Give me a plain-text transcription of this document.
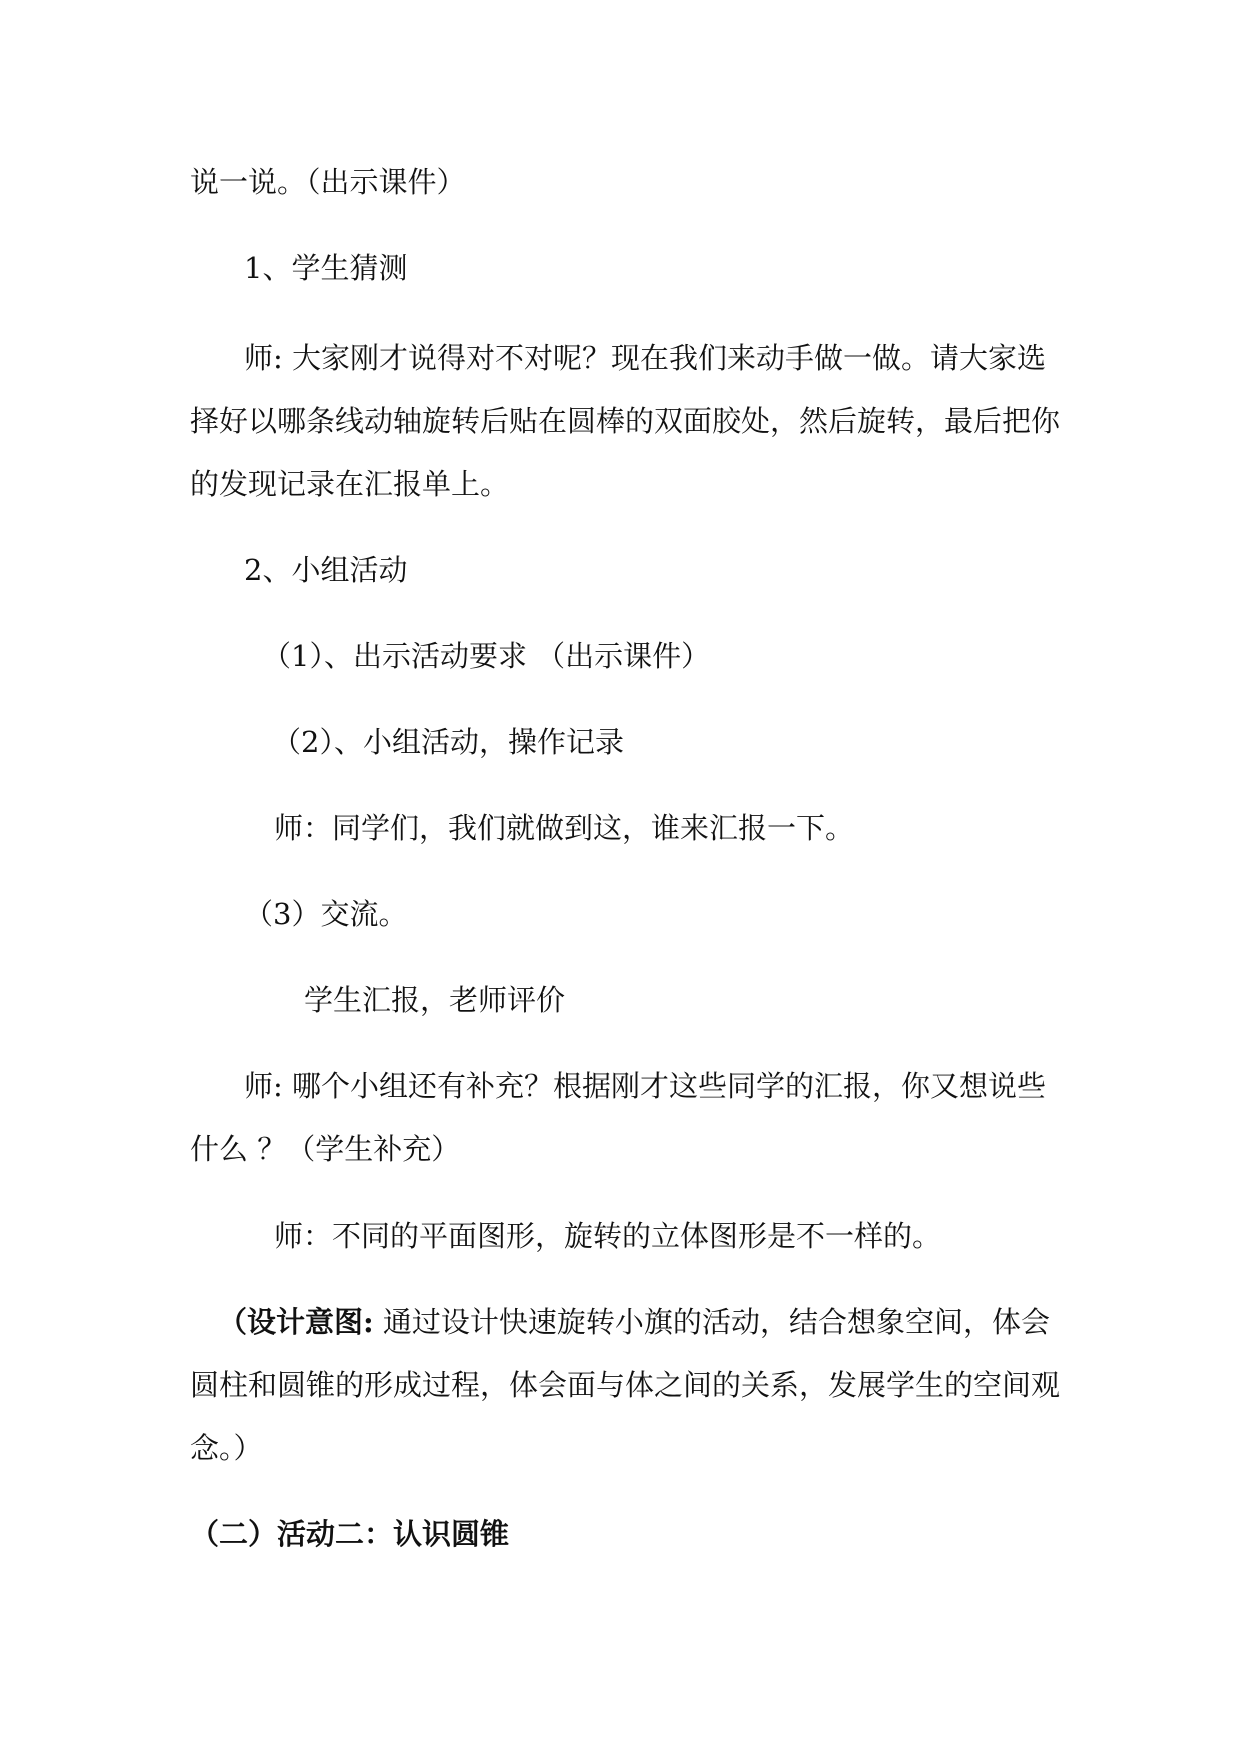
说一说。（出示课件）
1、学生猜测
师: 大家刚才说得对不对呢？现在我们来动手做一做。请大家选
择好以哪条线动轴旋转后贴在圆棒的双面胶处，然后旋转，最后把你
的发现记录在汇报单上。
2、小组活动
（1）、出示活动要求 （出示课件）
（2）、小组活动，操作记录
师：同学们，我们就做到这，谁来汇报一下。
（3）交流。
学生汇报，老师评价
师: 哪个小组还有补充？根据刚才这些同学的汇报，你又想说些
什么 ？（学生补充）
师：不同的平面图形，旋转的立体图形是不一样的。
（设计意图: 通过设计快速旋转小旗的活动，结合想象空间，体会
圆柱和圆锥的形成过程，体会面与体之间的关系，发展学生的空间观
念。）
（二）活动二：认识圆锥
